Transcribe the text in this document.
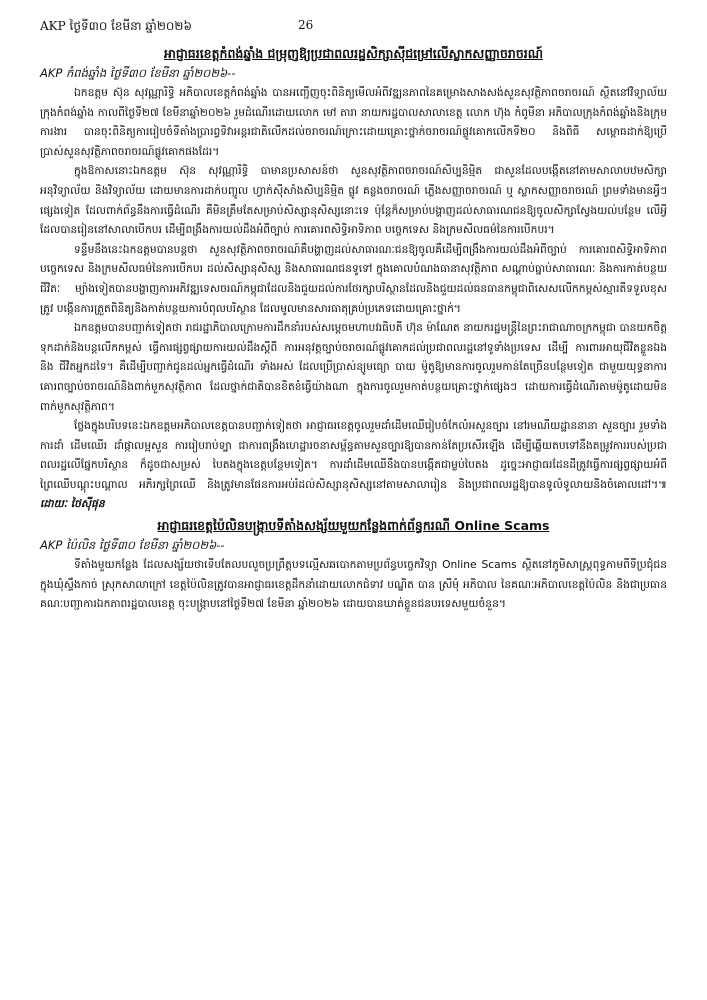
AKP ថ្ងៃទី៣០ ខែមីនា ឆ្នាំ២០២៦	26
អាជ្ញាធរខេត្តកំពង់ឆ្នាំង ជម្រុញឱ្យប្រជាពលរដ្ឋសិក្សាស៊ីជម្រៅលើស្លាកសញ្ញាចរាចរណ៍

AKP កំពង់ឆ្នាំង ថ្ងៃទី៣០ ខែមីនា ឆ្នាំ២០២៦--

ឯកឧត្តម ស៊ុន សុវណ្ណារិទ្ធិ អភិបាលខេត្តកំពង់ឆ្នាំង បានអញ្ជើញចុះពិនិត្យមើលអំពីវឌ្ឍនភាពនៃគម្រោងសាងសង់សួនសុវត្ថិភាពចរាចរណ៍ ស្ថិតនៅវិទ្យាល័យក្រុងកំពង់ឆ្នាំង កាលពីថ្ងៃទី២៧ ខែមីនាឆ្នាំ២០២៦ រួមដំណើរដោយលោក មៅ តារា នាយករដ្ឋបាលសាលាខេត្ត លោក ហ៊ុង កំពូមីនា អភិបាលក្រុងកំពង់ឆ្នាំងនិងក្រុមការងារ បានចុះពិនិត្យការរៀបចំទីតាំងប្រារព្ធទិវាអន្តរជាតិលើកដល់ចរាចរណ៍ក្រោះដោយគ្រោះថ្នាក់ចរាចរណ៍ផ្លូវគោកលើកទី២០ និងពិធី សម្ពោធដាក់ឱ្យប្រើប្រាស់សួនសុវត្ថិភាពចរាចរណ៍ផ្លូវគោកផងដែរ។

ក្នុងឱកាសនោះឯកឧត្តម ស៊ុន សុវណ្ណារិទ្ធិ បាមានប្រសាសន៍ថា សួនសុវត្ថិភាពចរាចរណ៍សិប្បនិម្មិត ជាសួនដែលបង្កើតនៅតាមសាលាបឋមសិក្សា អនុវិទ្យាល័យ និងវិទ្យាល័យ ដោយមានការដាក់បញ្ចូល ហ្វាក់ស៊ីសាំងសិប្បនិម្មិត ផ្លូវ គន្លងចរាចរណ៍ ភ្លើងសញ្ញាចរាចរណ៍ ឬ ស្លាកសញ្ញាចរាចរណ៍ ព្រមទាំងមានអ្វីៗផ្សេងទៀត ដែលពាក់ព័ន្ធនឹងការធ្វើដំណើរ គឺមិនត្រឹមតែសម្រាប់សិស្សានុសិស្សនោះទេ ប៉ុន្តែក៏សម្រាប់បង្ហាញដល់សាធារណជនឱ្យចូលសិក្សាស្វែងយល់បន្ថែម លើអ្វីដែលបានរៀននៅសាលាបើកបរ ដើម្បីពង្រឹងការយល់ដឹងអំពីច្បាប់ ការគោរពសិទ្ធិអាទិភាព បច្ចេកទេស និងក្រមសីលធម៌នៃការបើកបរ។

ទន្ទឹមនឹងនេះឯកឧត្តមបានបន្តថា សួនសុវត្ថិភាពចរាចរណ៍គឺបង្ហាញដល់សាធារណៈជនឱ្យចូលគឺដើម្បីពង្រឹងការយល់ដឹងអំពីច្បាប់ ការគោរពសិទ្ធិអាទិភាព បច្ចេកទេស និងក្រមសីលធម៌នៃការបើកបរ ដល់សិស្សានុសិស្ស និងសាធារណជនទូទៅ ក្នុងគោលបំណងធានាសុវត្ថិភាព សណ្តាប់ធ្នាប់សាធារណៈ និងការកាត់បន្ថយជីវិតៈ ម្យ៉ាងទៀតបានបង្ហាញការអភិវឌ្ឍទេសចរណ៍កម្ពុជាដែលនិងជួយដល់ការថែរក្សាបរិស្ថានដែលនិងជួយដល់ធនធានកម្ពុជាពិសេសលើកកម្ពស់ស្មារតីទទួលខុសត្រូវ បង្កើនការត្រួតពិនិត្យនិងកាត់បន្ថយការបំពុលបរិស្ថាន ដែលមូលមានសារធាតុគ្រប់ប្រភេទដោយគ្រោះថ្នាក់។

ឯកឧត្តមបានបញ្ជាក់ទៀតថា រាជរដ្ឋាភិបាលក្រោមការដឹកនាំរបស់សម្តេចមហាបវរធិបតី ហ៊ុន ម៉ាណែត នាយករដ្ឋមន្ត្រីនៃព្រះរាជាណាចក្រកម្ពុជា បានយកចិត្តទុកដាក់និងបន្តលើកកម្ពស់ ធ្វើការផ្សព្វផ្សាយការយល់ដឹងស្តីពី ការអនុវត្តច្បាប់ចរាចរណ៍ផ្លូវគោកដល់ប្រជាពលរដ្ឋនៅទូទាំងប្រទេស ដើម្បី ការពារអាយុជីវិតខ្លួនឯង និង ជីវិតអ្នកដទៃ។ គឺដើម្បីបញ្ជាក់ជូនដល់អ្នកធ្វើដំណើរ ទាំងអស់ ដែលប្រើប្រាស់ន្យូមធ្យោ បាយ ម៉ូតូឱ្យមានការចូលរួមកាន់តែច្រើនបន្ថែមទៀត ជាមួយយុទ្ធនាការគោរពច្បាប់ចរាចរណ៍និងពាក់មួកសុវត្ថិភាព ដែលថ្នាក់ជាតិបានខិតខំធ្វើយ៉ាងណា ក្នុងការចូលរួមកាត់បន្ថយគ្រោះថ្នាក់ផ្សេងៗ ដោយការធ្វើដំណើរតាមម៉ូតូដោយមិនពាក់មួកសុវត្ថិភាព។

ថ្លែងក្នុងបរិបទនេះឯកឧត្តមអភិបាលខេត្តបានបញ្ជាក់ទៀតថា អាជ្ញាធរខេត្តចូលរួមដាំដើមឈើរៀបចំកែលំអសួនច្បារ នៅរមណីយដ្ឋាននានា សួនច្បារ រួមទាំងការដាំ ដើមឈើរ ដាំផ្កាលម្អសួន ការរៀបរាប់ទ្បា ជាការពង្រឹងហេដ្ឋារចនាសម្ព័ន្ធតាមសួនច្បារឱ្យបានកាន់តែប្រសើរឡើង ដើម្បីឆ្លើយតបទៅនឹងតម្រូវការរបស់ប្រជាពលរដ្ឋលើផ្នែកបរិស្ថាន ក៏ដូចជាសម្រស់ បៃតងក្នុងខេត្តបន្ថែមទៀត។ ការដាំដើមឈើនឹងបានបង្កើតជាម្លប់បៃតង ដូច្នេះអាជ្ញាធរដែនដីត្រូវធ្វើការផ្សព្វផ្សាយអំពីព្រៃឈើបណ្តុះបណ្តាល អភិរក្សព្រៃឈើ និងត្រូវមានផែនការអប់រំដល់សិស្សានុសិស្សនៅតាមសាលារៀន និងប្រជាពលរដ្ឋឱ្យបានទូលំទូលាយនិងចំគោលដៅ។៕ ដោយៈ ថៃស៊ីផុន

អាជ្ញាធរខេត្តប៉ៃលិនបង្ក្រាបទីតាំងសង្ស័យមួយកន្លែងពាក់ព័ន្ធករណី Online Scams

AKP ប៉ៃលិន ថ្ងៃទី៣០ ខែមីនា ឆ្នាំ២០២៦--

ទីតាំងមួយកន្លែង ដែលសង្ស័យថាទើបតែលបលួចប្រព្រឹត្តបទល្មើសឆបោកតាមប្រព័ន្ធបច្ចេកវិទ្យា Online Scams ស្ថិតនៅភូមិសាស្រ្តពុទ្ធកាមពីទីប្រជុំជន ក្នុងឃុំស្ទឹងកាច់ ស្រុកសាលាក្រៅ ខេត្តប៉ៃលិនត្រូវបានអាជ្ញាធរខេត្តដឹកនាំដោយលោកជំទាវ បណ្ឌិត បាន ស្រីមុំ អភិបាល នៃគណៈអភិបាលខេត្តប៉ៃលិន និងជាប្រធានគណៈបញ្ជាការឯកភាពរដ្ឋបាលខេត្ត ចុះបង្ក្រាបនៅថ្ងៃទី២៧ ខែមីនា ឆ្នាំ២០២៦ ដោយបានឃាត់ខ្លួនជនបរទេសមួយចំនួន។
